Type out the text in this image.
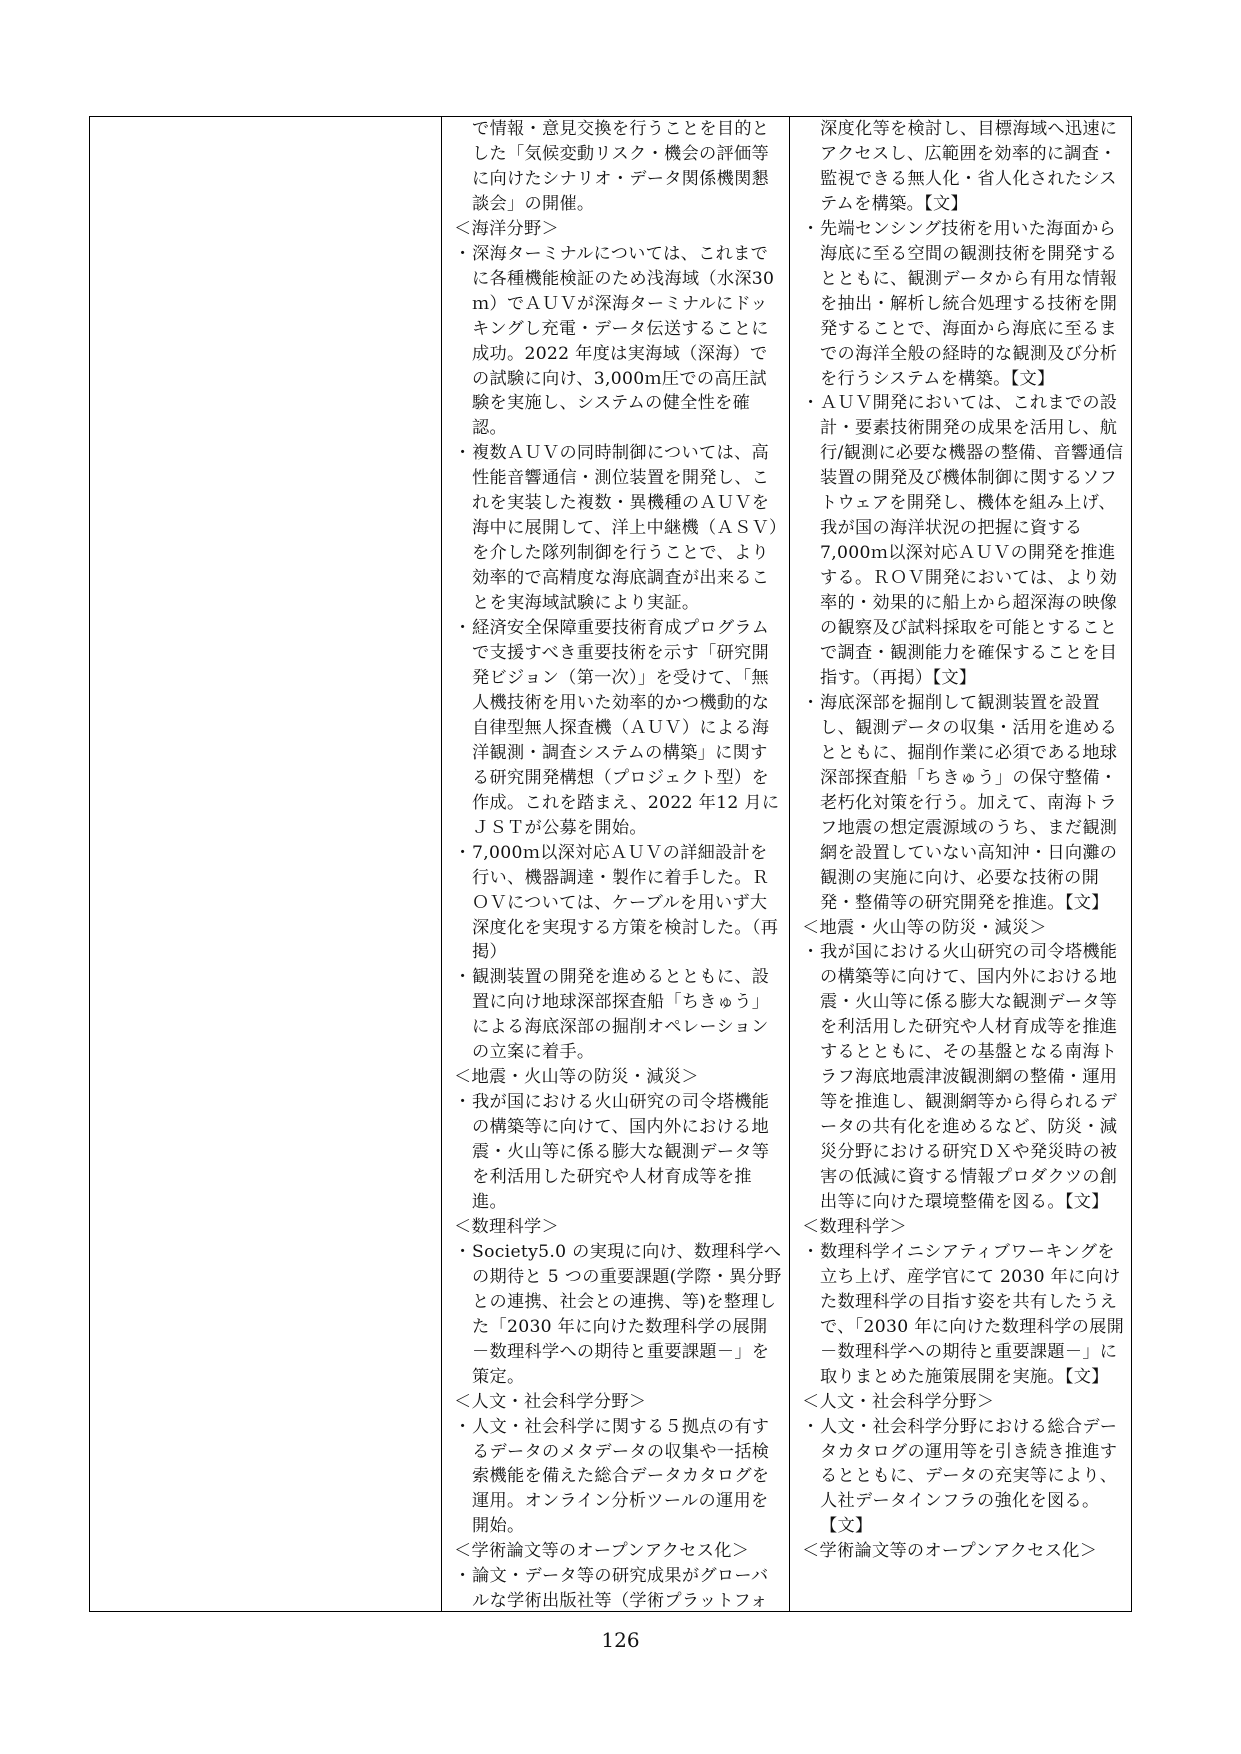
で情報・意見交換を行うことを目的とした「気候変動リスク・機会の評価等に向けたシナリオ・データ関係機関懇談会」の開催。
＜海洋分野＞
・ 深海ターミナルについては、これまでに各種機能検証のため浅海域（水深30ｍ）でＡＵＶが深海ターミナルにドッキングし充電・データ伝送することに成功。2022 年度は実海域（深海）での試験に向け、3,000ｍ圧での高圧試験を実施し、システムの健全性を確認。
・ 複数ＡＵＶの同時制御については、高性能音響通信・測位装置を開発し、これを実装した複数・異機種のＡＵＶを海中に展開して、洋上中継機（ＡＳＶ）を介した隊列制御を行うことで、より効率的で高精度な海底調査が出来ることを実海域試験により実証。
・ 経済安全保障重要技術育成プログラムで支援すべき重要技術を示す「研究開発ビジョン（第一次）」を受けて、「無人機技術を用いた効率的かつ機動的な自律型無人探査機（ＡＵＶ）による海洋観測・調査システムの構築」に関する研究開発構想（プロジェクト型）を作成。これを踏まえ、2022 年12 月にＪＳＴが公募を開始。
・ 7,000ｍ以深対応ＡＵＶの詳細設計を行い、機器調達・製作に着手した。ＲＯＶについては、ケーブルを用いず大深度化を実現する方策を検討した。（再掲）
・ 観測装置の開発を進めるとともに、設置に向け地球深部探査船「ちきゅう」による海底深部の掘削オペレーションの立案に着手。
＜地震・火山等の防災・減災＞
・ 我が国における火山研究の司令塔機能の構築等に向けて、国内外における地震・火山等に係る膨大な観測データ等を利活用した研究や人材育成等を推進。
＜数理科学＞
・ Society5.0 の実現に向け、数理科学への期待と 5 つの重要課題(学際・異分野との連携、社会との連携、等)を整理した「2030 年に向けた数理科学の展開－数理科学への期待と重要課題－」を策定。
＜人文・社会科学分野＞
・ 人文・社会科学に関する５拠点の有するデータのメタデータの収集や一括検索機能を備えた総合データカタログを運用。オンライン分析ツールの運用を開始。
＜学術論文等のオープンアクセス化＞
・ 論文・データ等の研究成果がグローバルな学術出版社等（学術プラットフォ
深度化等を検討し、目標海域へ迅速にアクセスし、広範囲を効率的に調査・監視できる無人化・省人化されたシステムを構築。【文】
・ 先端センシング技術を用いた海面から海底に至る空間の観測技術を開発するとともに、観測データから有用な情報を抽出・解析し統合処理する技術を開発することで、海面から海底に至るまでの海洋全般の経時的な観測及び分析を行うシステムを構築。【文】
・ ＡＵＶ開発においては、これまでの設計・要素技術開発の成果を活用し、航行/観測に必要な機器の整備、音響通信装置の開発及び機体制御に関するソフトウェアを開発し、機体を組み上げ、我が国の海洋状況の把握に資する7,000ｍ以深対応ＡＵＶの開発を推進する。ＲＯＶ開発においては、より効率的・効果的に船上から超深海の映像の観察及び試料採取を可能とすることで調査・観測能力を確保することを目指す。（再掲）【文】
・ 海底深部を掘削して観測装置を設置し、観測データの収集・活用を進めるとともに、掘削作業に必須である地球深部探査船「ちきゅう」の保守整備・老朽化対策を行う。加えて、南海トラフ地震の想定震源域のうち、まだ観測網を設置していない高知沖・日向灘の観測の実施に向け、必要な技術の開発・整備等の研究開発を推進。【文】
＜地震・火山等の防災・減災＞
・ 我が国における火山研究の司令塔機能の構築等に向けて、国内外における地震・火山等に係る膨大な観測データ等を利活用した研究や人材育成等を推進するとともに、その基盤となる南海トラフ海底地震津波観測網の整備・運用等を推進し、観測網等から得られるデータの共有化を進めるなど、防災・減災分野における研究ＤＸや発災時の被害の低減に資する情報プロダクツの創出等に向けた環境整備を図る。【文】
＜数理科学＞
・ 数理科学イニシアティブワーキングを立ち上げ、産学官にて 2030 年に向けた数理科学の目指す姿を共有したうえで、「2030 年に向けた数理科学の展開－数理科学への期待と重要課題－」に取りまとめた施策展開を実施。【文】
＜人文・社会科学分野＞
・ 人文・社会科学分野における総合データカタログの運用等を引き続き推進するとともに、データの充実等により、人社データインフラの強化を図る。【文】
＜学術論文等のオープンアクセス化＞
126
